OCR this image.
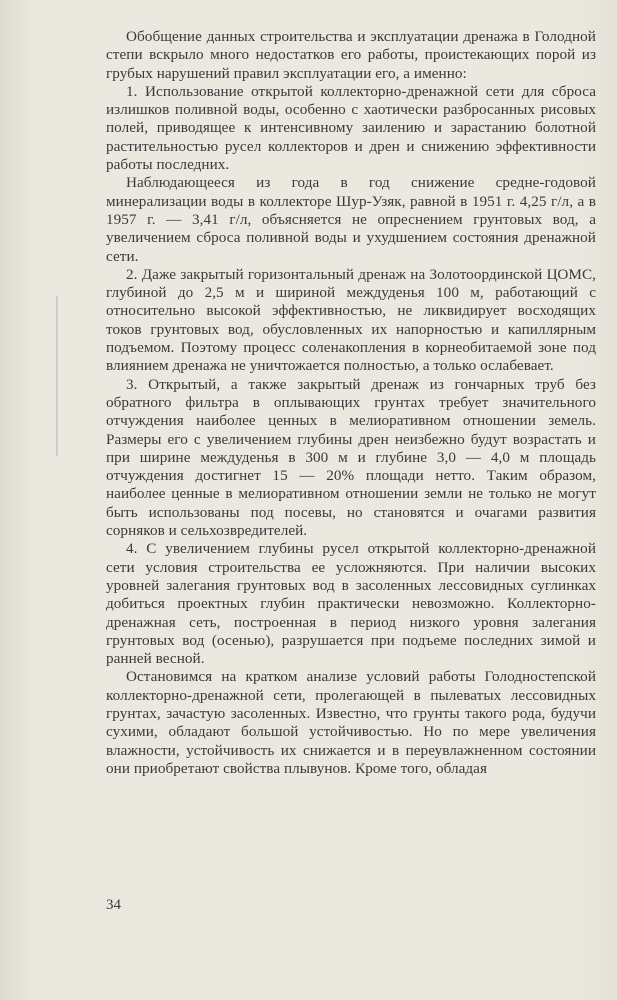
Обобщение данных строительства и эксплуатации дренажа в Голодной степи вскрыло много недостатков его работы, проистекающих порой из грубых нарушений правил эксплуатации его, а именно:

1. Использование открытой коллекторно-дренажной сети для сброса излишков поливной воды, особенно с хаотически разбросанных рисовых полей, приводящее к интенсивному заилению и зарастанию болотной растительностью русел коллекторов и дрен и снижению эффективности работы последних.

Наблюдающееся из года в год снижение средне-годовой минерализации воды в коллекторе Шур-Узяк, равной в 1951 г. 4,25 г/л, а в 1957 г. — 3,41 г/л, объясняется не опреснением грунтовых вод, а увеличением сброса поливной воды и ухудшением состояния дренажной сети.

2. Даже закрытый горизонтальный дренаж на Золотоординской ЦОМС, глубиной до 2,5 м и шириной междуденья 100 м, работающий с относительно высокой эффективностью, не ликвидирует восходящих токов грунтовых вод, обусловленных их напорностью и капиллярным подъемом. Поэтому процесс соленакопления в корнеобитаемой зоне под влиянием дренажа не уничтожается полностью, а только ослабевает.

3. Открытый, а также закрытый дренаж из гончарных труб без обратного фильтра в оплывающих грунтах требует значительного отчуждения наиболее ценных в мелиоративном отношении земель. Размеры его с увеличением глубины дрен неизбежно будут возрастать и при ширине междуденья в 300 м и глубине 3,0 — 4,0 м площадь отчуждения достигнет 15 — 20% площади нетто. Таким образом, наиболее ценные в мелиоративном отношении земли не только не могут быть использованы под посевы, но становятся и очагами развития сорняков и сельхозвредителей.

4. С увеличением глубины русел открытой коллекторно-дренажной сети условия строительства ее усложняются. При наличии высоких уровней залегания грунтовых вод в засоленных лессовидных суглинках добиться проектных глубин практически невозможно. Коллекторно-дренажная сеть, построенная в период низкого уровня залегания грунтовых вод (осенью), разрушается при подъеме последних зимой и ранней весной.

Остановимся на кратком анализе условий работы Голодностепской коллекторно-дренажной сети, пролегающей в пылеватых лессовидных грунтах, зачастую засоленных. Известно, что грунты такого рода, будучи сухими, обладают большой устойчивостью. Но по мере увеличения влажности, устойчивость их снижается и в переувлажненном состоянии они приобретают свойства плывунов. Кроме того, обладая

34
